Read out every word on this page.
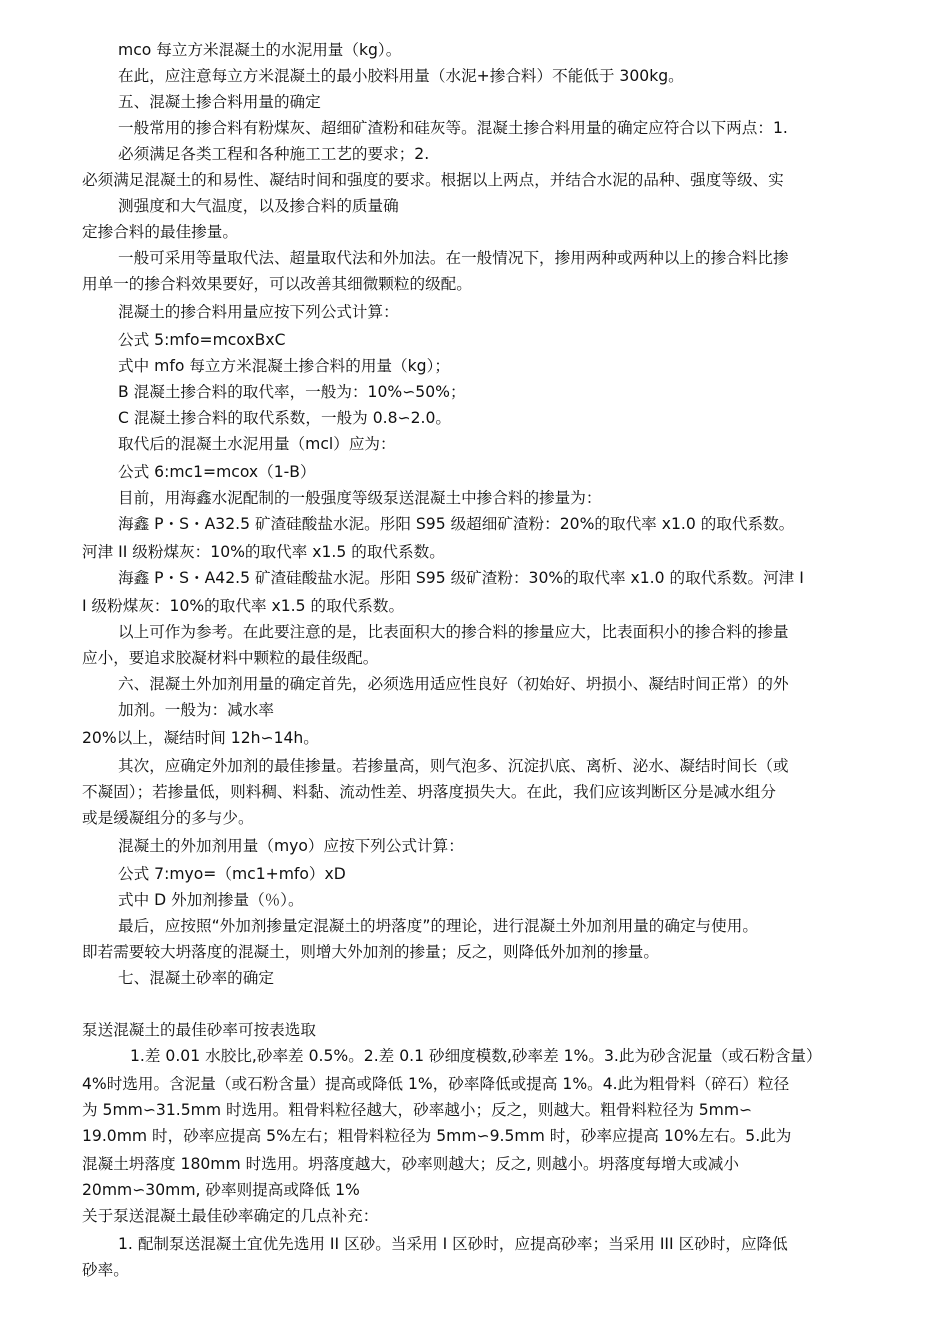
mco 每立方米混凝土的水泥用量（kg）。

在此，应注意每立方米混凝土的最小胶料用量（水泥+掺合料）不能低于 300kg。

五、混凝土掺合料用量的确定

一般常用的掺合料有粉煤灰、超细矿渣粉和硅灰等。混凝土掺合料用量的确定应符合以下两点：1.

必须满足各类工程和各种施工工艺的要求；2.

必须满足混凝土的和易性、凝结时间和强度的要求。根据以上两点，并结合水泥的品种、强度等级、实

测强度和大气温度，以及掺合料的质量确

定掺合料的最佳掺量。

一般可采用等量取代法、超量取代法和外加法。在一般情况下，掺用两种或两种以上的掺合料比掺

用单一的掺合料效果要好，可以改善其细微颗粒的级配。

混凝土的掺合料用量应按下列公式计算：

公式 5:mfo=mcoxBxC

式中 mfo 每立方米混凝土掺合料的用量（kg）；

B 混凝土掺合料的取代率，一般为：10%∽50%；

C 混凝土掺合料的取代系数，一般为 0.8∽2.0。

取代后的混凝土水泥用量（mcl）应为：

公式 6:mc1=mcox（1-B）

目前，用海鑫水泥配制的一般强度等级泵送混凝土中掺合料的掺量为：

海鑫 P・S・A32.5 矿渣硅酸盐水泥。彤阳 S95 级超细矿渣粉：20%的取代率 x1.0 的取代系数。

河津 II 级粉煤灰：10%的取代率 x1.5 的取代系数。

海鑫 P・S・A42.5 矿渣硅酸盐水泥。彤阳 S95 级矿渣粉：30%的取代率 x1.0 的取代系数。河津 I

I 级粉煤灰：10%的取代率 x1.5 的取代系数。

以上可作为参考。在此要注意的是，比表面积大的掺合料的掺量应大，比表面积小的掺合料的掺量

应小，要追求胶凝材料中颗粒的最佳级配。

六、混凝土外加剂用量的确定首先，必须选用适应性良好（初始好、坍损小、凝结时间正常）的外

加剂。一般为：减水率

20%以上，凝结时间 12h∽14h。

其次，应确定外加剂的最佳掺量。若掺量高，则气泡多、沉淀扒底、离析、泌水、凝结时间长（或

不凝固）；若掺量低，则料稠、料黏、流动性差、坍落度损失大。在此，我们应该判断区分是减水组分

或是缓凝组分的多与少。

混凝土的外加剂用量（myo）应按下列公式计算：

公式 7:myo=（mc1+mfo）xD

式中 D 外加剂掺量（％）。

最后，应按照“外加剂掺量定混凝土的坍落度”的理论，进行混凝土外加剂用量的确定与使用。

即若需要较大坍落度的混凝土，则增大外加剂的掺量；反之，则降低外加剂的掺量。

七、混凝土砂率的确定

泵送混凝土的最佳砂率可按表选取

1.差 0.01 水胶比,砂率差 0.5%。2.差 0.1 砂细度模数,砂率差 1%。3.此为砂含泥量（或石粉含量）

4%时选用。含泥量（或石粉含量）提高或降低 1%，砂率降低或提高 1%。4.此为粗骨料（碎石）粒径

为 5mm∽31.5mm 时选用。粗骨料粒径越大，砂率越小；反之，则越大。粗骨料粒径为 5mm∽

19.0mm 时，砂率应提高 5%左右；粗骨料粒径为 5mm∽9.5mm 时，砂率应提高 10%左右。5.此为

混凝土坍落度 180mm 时选用。坍落度越大，砂率则越大；反之, 则越小。坍落度每增大或减小

20mm∽30mm, 砂率则提高或降低 1%

关于泵送混凝土最佳砂率确定的几点补充：

1. 配制泵送混凝土宜优先选用 II 区砂。当采用 I 区砂时，应提高砂率；当采用 III 区砂时，应降低

砂率。
